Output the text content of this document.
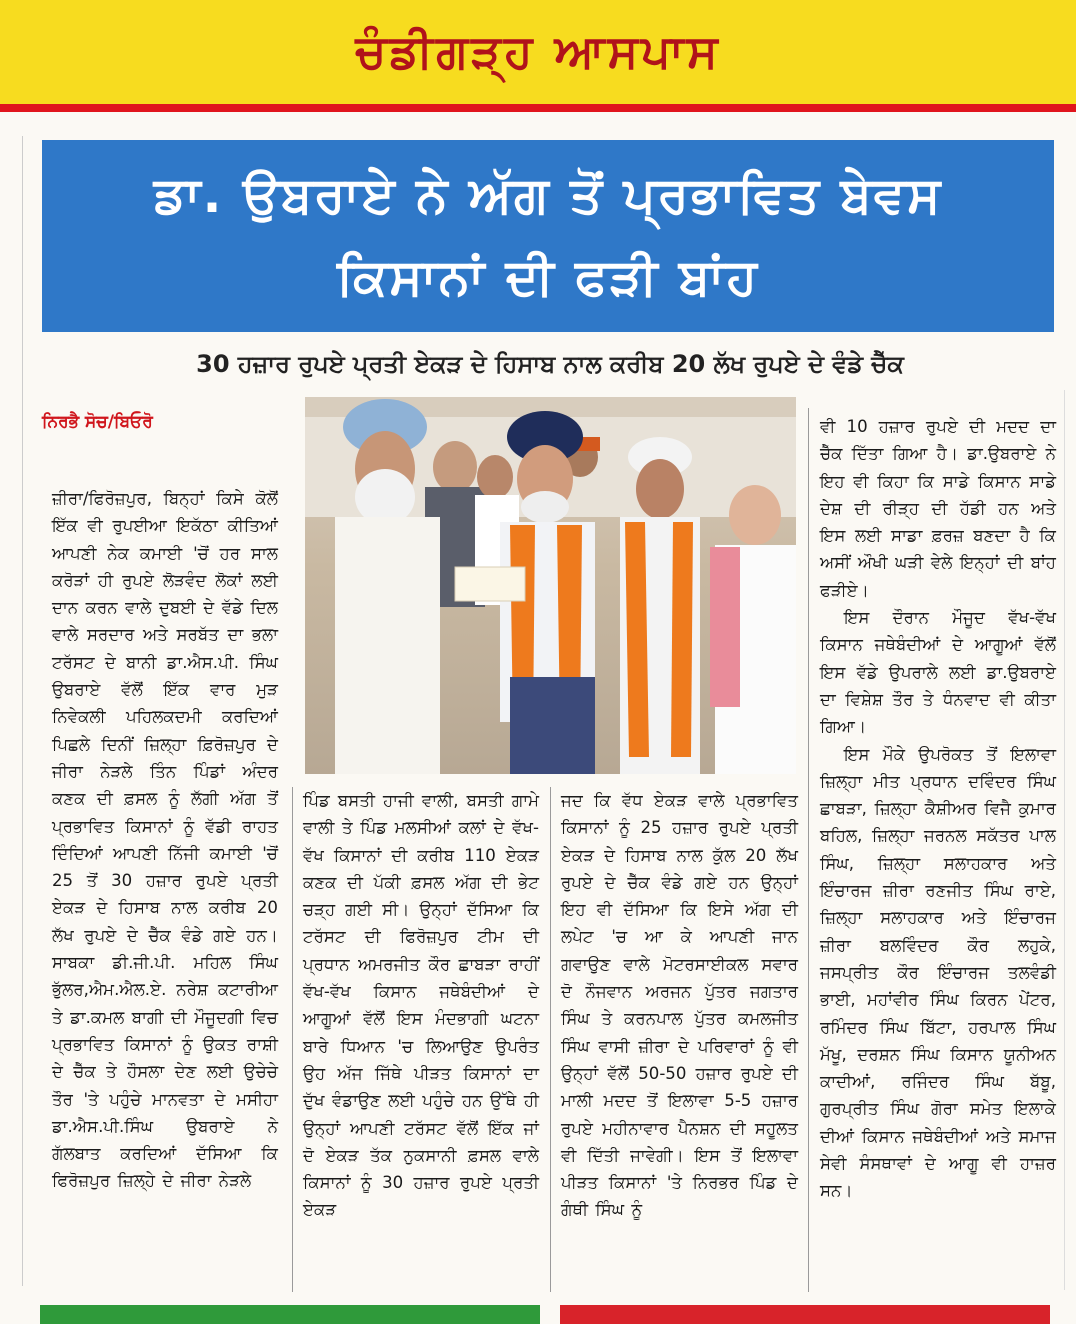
ਚੰਡੀਗੜ੍ਹ ਆਸਪਾਸ
ਡਾ. ਉਬਰਾਏ ਨੇ ਅੱਗ ਤੋਂ ਪ੍ਰਭਾਵਿਤ ਬੇਵਸ
ਕਿਸਾਨਾਂ ਦੀ ਫੜੀ ਬਾਂਹ
30 ਹਜ਼ਾਰ ਰੁਪਏ ਪ੍ਰਤੀ ਏਕੜ ਦੇ ਹਿਸਾਬ ਨਾਲ ਕਰੀਬ 20 ਲੱਖ ਰੁਪਏ ਦੇ ਵੰਡੇ ਚੈੱਕ
ਨਿਰਭੈ ਸੋਚ/ਬਿਓਰੋ

ਜ਼ੀਰਾ/ਫਿਰੋਜ਼ਪੁਰ, ਬਿਨ੍ਹਾਂ ਕਿਸੇ ਕੋਲੋਂ ਇੱਕ ਵੀ ਰੁਪਈਆ ਇਕੱਠਾ ਕੀਤਿਆਂ ਆਪਣੀ ਨੇਕ ਕਮਾਈ 'ਚੋਂ ਹਰ ਸਾਲ ਕਰੋੜਾਂ ਹੀ ਰੁਪਏ ਲੋੜਵੰਦ ਲੋਕਾਂ ਲਈ ਦਾਨ ਕਰਨ ਵਾਲੇ ਦੁਬਈ ਦੇ ਵੱਡੇ ਦਿਲ ਵਾਲੇ ਸਰਦਾਰ ਅਤੇ ਸਰਬੱਤ ਦਾ ਭਲਾ ਟਰੱਸਟ ਦੇ ਬਾਨੀ ਡਾ.ਐਸ.ਪੀ. ਸਿੰਘ ਉਬਰਾਏ ਵੱਲੋਂ ਇੱਕ ਵਾਰ ਮੁੜ ਨਿਵੇਕਲੀ ਪਹਿਲਕਦਮੀ ਕਰਦਿਆਂ ਪਿਛਲੇ ਦਿਨੀਂ ਜ਼ਿਲ੍ਹਾ ਫ਼ਿਰੋਜ਼ਪੁਰ ਦੇ ਜੀਰਾ ਨੇੜਲੇ ਤਿੰਨ ਪਿੰਡਾਂ ਅੰਦਰ ਕਣਕ ਦੀ ਫ਼ਸਲ ਨੂੰ ਲੱਗੀ ਅੱਗ ਤੋਂ ਪ੍ਰਭਾਵਿਤ ਕਿਸਾਨਾਂ ਨੂੰ ਵੱਡੀ ਰਾਹਤ ਦਿੰਦਿਆਂ ਆਪਣੀ ਨਿੱਜੀ ਕਮਾਈ 'ਚੋਂ 25 ਤੋਂ 30 ਹਜ਼ਾਰ ਰੁਪਏ ਪ੍ਰਤੀ ਏਕੜ ਦੇ ਹਿਸਾਬ ਨਾਲ ਕਰੀਬ 20 ਲੱਖ ਰੁਪਏ ਦੇ ਚੈੱਕ ਵੰਡੇ ਗਏ ਹਨ। ਸਾਬਕਾ ਡੀ.ਜੀ.ਪੀ. ਮਹਿਲ ਸਿੰਘ ਭੁੱਲਰ,ਐਮ.ਐਲ.ਏ. ਨਰੇਸ਼ ਕਟਾਰੀਆ ਤੇ ਡਾ.ਕਮਲ ਬਾਗੀ ਦੀ ਮੌਜੂਦਗੀ ਵਿਚ ਪ੍ਰਭਾਵਿਤ ਕਿਸਾਨਾਂ ਨੂੰ ਉਕਤ ਰਾਸ਼ੀ ਦੇ ਚੈੱਕ ਤੇ ਹੌਸਲਾ ਦੇਣ ਲਈ ਉਚੇਚੇ ਤੌਰ 'ਤੇ ਪਹੁੰਚੇ ਮਾਨਵਤਾ ਦੇ ਮਸੀਹਾ ਡਾ.ਐਸ.ਪੀ.ਸਿੰਘ ਉਬਰਾਏ ਨੇ ਗੱਲਬਾਤ ਕਰਦਿਆਂ ਦੱਸਿਆ ਕਿ ਫਿਰੋਜ਼ਪੁਰ ਜ਼ਿਲ੍ਹੇ ਦੇ ਜੀਰਾ ਨੇੜਲੇ

ਪਿੰਡ ਬਸਤੀ ਹਾਜੀ ਵਾਲੀ, ਬਸਤੀ ਗਾਮੇ ਵਾਲੀ ਤੇ ਪਿੰਡ ਮਲਸੀਆਂ ਕਲਾਂ ਦੇ ਵੱਖ-ਵੱਖ ਕਿਸਾਨਾਂ ਦੀ ਕਰੀਬ 110 ਏਕੜ ਕਣਕ ਦੀ ਪੱਕੀ ਫ਼ਸਲ ਅੱਗ ਦੀ ਭੇਟ ਚੜ੍ਹ ਗਈ ਸੀ। ਉਨ੍ਹਾਂ ਦੱਸਿਆ ਕਿ ਟਰੱਸਟ ਦੀ ਫਿਰੋਜ਼ਪੁਰ ਟੀਮ ਦੀ ਪ੍ਰਧਾਨ ਅਮਰਜੀਤ ਕੌਰ ਛਾਬੜਾ ਰਾਹੀਂ ਵੱਖ-ਵੱਖ ਕਿਸਾਨ ਜਥੇਬੰਦੀਆਂ ਦੇ ਆਗੂਆਂ ਵੱਲੋਂ ਇਸ ਮੰਦਭਾਗੀ ਘਟਨਾ ਬਾਰੇ ਧਿਆਨ 'ਚ ਲਿਆਉਣ ਉਪਰੰਤ ਉਹ ਅੱਜ ਜਿੱਥੇ ਪੀੜਤ ਕਿਸਾਨਾਂ ਦਾ ਦੁੱਖ ਵੰਡਾਉਣ ਲਈ ਪਹੁੰਚੇ ਹਨ ਉੱਥੇ ਹੀ ਉਨ੍ਹਾਂ ਆਪਣੀ ਟਰੱਸਟ ਵੱਲੋਂ ਇੱਕ ਜਾਂ ਦੋ ਏਕੜ ਤੱਕ ਨੁਕਸਾਨੀ ਫ਼ਸਲ ਵਾਲੇ ਕਿਸਾਨਾਂ ਨੂੰ 30 ਹਜ਼ਾਰ ਰੁਪਏ ਪ੍ਰਤੀ ਏਕੜ

ਜਦ ਕਿ ਵੱਧ ਏਕੜ ਵਾਲੇ ਪ੍ਰਭਾਵਿਤ ਕਿਸਾਨਾਂ ਨੂੰ 25 ਹਜ਼ਾਰ ਰੁਪਏ ਪ੍ਰਤੀ ਏਕੜ ਦੇ ਹਿਸਾਬ ਨਾਲ ਕੁੱਲ 20 ਲੱਖ ਰੁਪਏ ਦੇ ਚੈੱਕ ਵੰਡੇ ਗਏ ਹਨ ਉਨ੍ਹਾਂ ਇਹ ਵੀ ਦੱਸਿਆ ਕਿ ਇਸੇ ਅੱਗ ਦੀ ਲਪੇਟ 'ਚ ਆ ਕੇ ਆਪਣੀ ਜਾਨ ਗਵਾਉਣ ਵਾਲੇ ਮੋਟਰਸਾਈਕਲ ਸਵਾਰ ਦੋ ਨੌਜਵਾਨ ਅਰਜਨ ਪੁੱਤਰ ਜਗਤਾਰ ਸਿੰਘ ਤੇ ਕਰਨਪਾਲ ਪੁੱਤਰ ਕਮਲਜੀਤ ਸਿੰਘ ਵਾਸੀ ਜ਼ੀਰਾ ਦੇ ਪਰਿਵਾਰਾਂ ਨੂੰ ਵੀ ਉਨ੍ਹਾਂ ਵੱਲੋਂ 50-50 ਹਜ਼ਾਰ ਰੁਪਏ ਦੀ ਮਾਲੀ ਮਦਦ ਤੋਂ ਇਲਾਵਾ 5-5 ਹਜ਼ਾਰ ਰੁਪਏ ਮਹੀਨਾਵਾਰ ਪੈਨਸ਼ਨ ਦੀ ਸਹੂਲਤ ਵੀ ਦਿੱਤੀ ਜਾਵੇਗੀ। ਇਸ ਤੋਂ ਇਲਾਵਾ ਪੀੜਤ ਕਿਸਾਨਾਂ 'ਤੇ ਨਿਰਭਰ ਪਿੰਡ ਦੇ ਗੰਥੀ ਸਿੰਘ ਨੂੰ

ਵੀ 10 ਹਜ਼ਾਰ ਰੁਪਏ ਦੀ ਮਦਦ ਦਾ ਚੈੱਕ ਦਿੱਤਾ ਗਿਆ ਹੈ। ਡਾ.ਉਬਰਾਏ ਨੇ ਇਹ ਵੀ ਕਿਹਾ ਕਿ ਸਾਡੇ ਕਿਸਾਨ ਸਾਡੇ ਦੇਸ਼ ਦੀ ਰੀੜ੍ਹ ਦੀ ਹੱਡੀ ਹਨ ਅਤੇ ਇਸ ਲਈ ਸਾਡਾ ਫ਼ਰਜ਼ ਬਣਦਾ ਹੈ ਕਿ ਅਸੀਂ ਔਖੀ ਘੜੀ ਵੇਲੇ ਇਨ੍ਹਾਂ ਦੀ ਬਾਂਹ ਫੜੀਏ।

ਇਸ ਦੌਰਾਨ ਮੌਜੂਦ ਵੱਖ-ਵੱਖ ਕਿਸਾਨ ਜਥੇਬੰਦੀਆਂ ਦੇ ਆਗੂਆਂ ਵੱਲੋਂ ਇਸ ਵੱਡੇ ਉਪਰਾਲੇ ਲਈ ਡਾ.ਉਬਰਾਏ ਦਾ ਵਿਸ਼ੇਸ਼ ਤੌਰ ਤੇ ਧੰਨਵਾਦ ਵੀ ਕੀਤਾ ਗਿਆ।

ਇਸ ਮੌਕੇ ਉਪਰੋਕਤ ਤੋਂ ਇਲਾਵਾ ਜ਼ਿਲ੍ਹਾ ਮੀਤ ਪ੍ਰਧਾਨ ਦਵਿੰਦਰ ਸਿੰਘ ਛਾਬੜਾ, ਜ਼ਿਲ੍ਹਾ ਕੈਸ਼ੀਅਰ ਵਿਜੈ ਕੁਮਾਰ ਬਹਿਲ, ਜ਼ਿਲ੍ਹਾ ਜਰਨਲ ਸਕੱਤਰ ਪਾਲ ਸਿੰਘ, ਜ਼ਿਲ੍ਹਾ ਸਲਾਹਕਾਰ ਅਤੇ ਇੰਚਾਰਜ ਜ਼ੀਰਾ ਰਣਜੀਤ ਸਿੰਘ ਰਾਏ, ਜ਼ਿਲ੍ਹਾ ਸਲਾਹਕਾਰ ਅਤੇ ਇੰਚਾਰਜ ਜ਼ੀਰਾ ਬਲਵਿੰਦਰ ਕੌਰ ਲਹੁਕੇ, ਜਸਪ੍ਰੀਤ ਕੌਰ ਇੰਚਾਰਜ ਤਲਵੰਡੀ ਭਾਈ, ਮਹਾਂਵੀਰ ਸਿੰਘ ਕਿਰਨ ਪੇਂਟਰ, ਰਮਿੰਦਰ ਸਿੰਘ ਬਿੱਟਾ, ਹਰਪਾਲ ਸਿੰਘ ਮੱਖੂ, ਦਰਸ਼ਨ ਸਿੰਘ ਕਿਸਾਨ ਯੂਨੀਅਨ ਕਾਦੀਆਂ, ਰਜਿੰਦਰ ਸਿੰਘ ਬੱਬੂ, ਗੁਰਪ੍ਰੀਤ ਸਿੰਘ ਗੋਰਾ ਸਮੇਤ ਇਲਾਕੇ ਦੀਆਂ ਕਿਸਾਨ ਜਥੇਬੰਦੀਆਂ ਅਤੇ ਸਮਾਜ ਸੇਵੀ ਸੰਸਥਾਵਾਂ ਦੇ ਆਗੂ ਵੀ ਹਾਜ਼ਰ ਸਨ।
